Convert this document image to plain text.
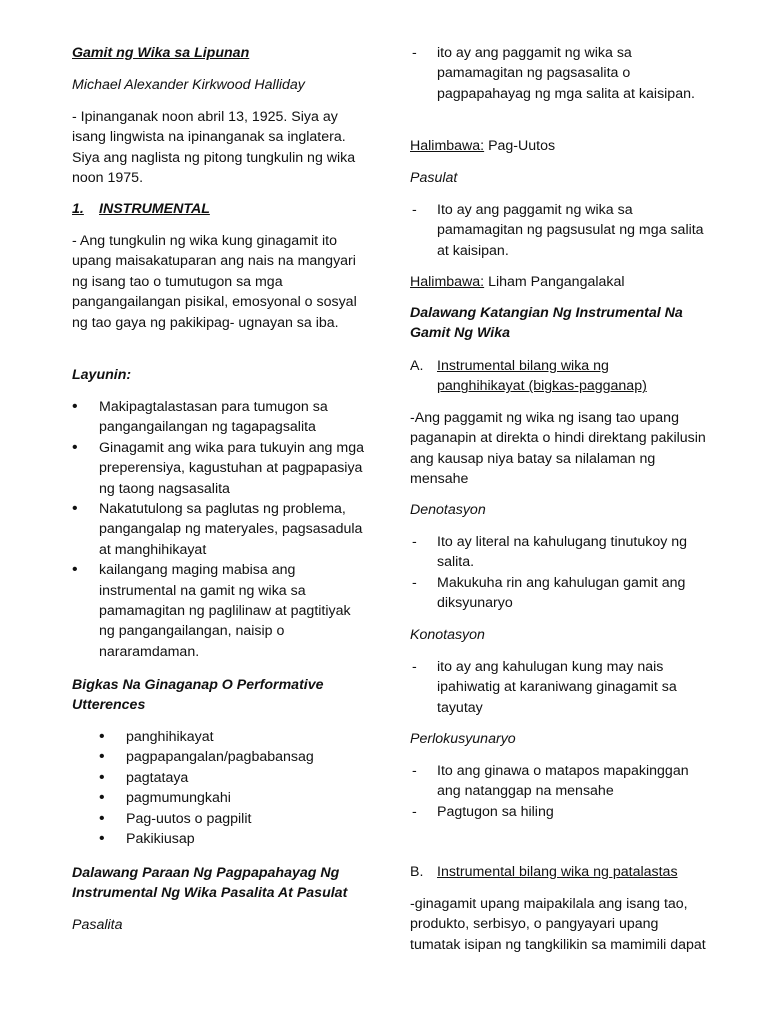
Gamit ng Wika sa Lipunan

Michael Alexander Kirkwood Halliday

- Ipinanganak noon abril 13, 1925. Siya ay isang lingwista na ipinanganak sa inglatera. Siya ang naglista ng pitong tungkulin ng wika noon 1975.

1. INSTRUMENTAL

- Ang tungkulin ng wika kung ginagamit ito upang maisakatuparan ang nais na mangyari ng isang tao o tumutugon sa mga pangangailangan pisikal, emosyonal o sosyal ng tao gaya ng pakikipag- ugnayan sa iba.

Layunin:

• Makipagtalastasan para tumugon sa pangangailangan ng tagapagsalita
• Ginagamit ang wika para tukuyin ang mga preperensiya, kagustuhan at pagpapasiya ng taong nagsasalita
• Nakatutulong sa paglutas ng problema, pangangalap ng materyales, pagsasadula at manghihikayat
• kailangang maging mabisa ang instrumental na gamit ng wika sa pamamagitan ng paglilinaw at pagtitiyak ng pangangailangan, naisip o nararamdaman.

Bigkas Na Ginaganap O Performative Utterences

• panghihikayat
• pagpapangalan/pagbabansag
• pagtataya
• pagmumungkahi
• Pag-uutos o pagpilit
• Pakikiusap

Dalawang Paraan Ng Pagpapahayag Ng Instrumental Ng Wika Pasalita At Pasulat

Pasalita

- ito ay ang paggamit ng wika sa pamamagitan ng pagsasalita o pagpapahayag ng mga salita at kaisipan.

Halimbawa: Pag-Uutos

Pasulat

- Ito ay ang paggamit ng wika sa pamamagitan ng pagsusulat ng mga salita at kaisipan.

Halimbawa: Liham Pangangalakal

Dalawang Katangian Ng Instrumental Na Gamit Ng Wika

A. Instrumental bilang wika ng panghihikayat (bigkas-pagganap)

-Ang paggamit ng wika ng isang tao upang paganapin at direkta o hindi direktang pakilusin ang kausap niya batay sa nilalaman ng mensahe

Denotasyon

- Ito ay literal na kahulugang tinutukoy ng salita.
- Makukuha rin ang kahulugan gamit ang diksyunaryo

Konotasyon

- ito ay ang kahulugan kung may nais ipahiwatig at karaniwang ginagamit sa tayutay

Perlokusyunaryo

- Ito ang ginawa o matapos mapakinggan ang natanggap na mensahe
- Pagtugon sa hiling
B. Instrumental bilang wika ng patalastas

-ginagamit upang maipakilala ang isang tao, produkto, serbisyo, o pangyayari upang tumatak isipan ng tangkilikin sa mamimili dapat
